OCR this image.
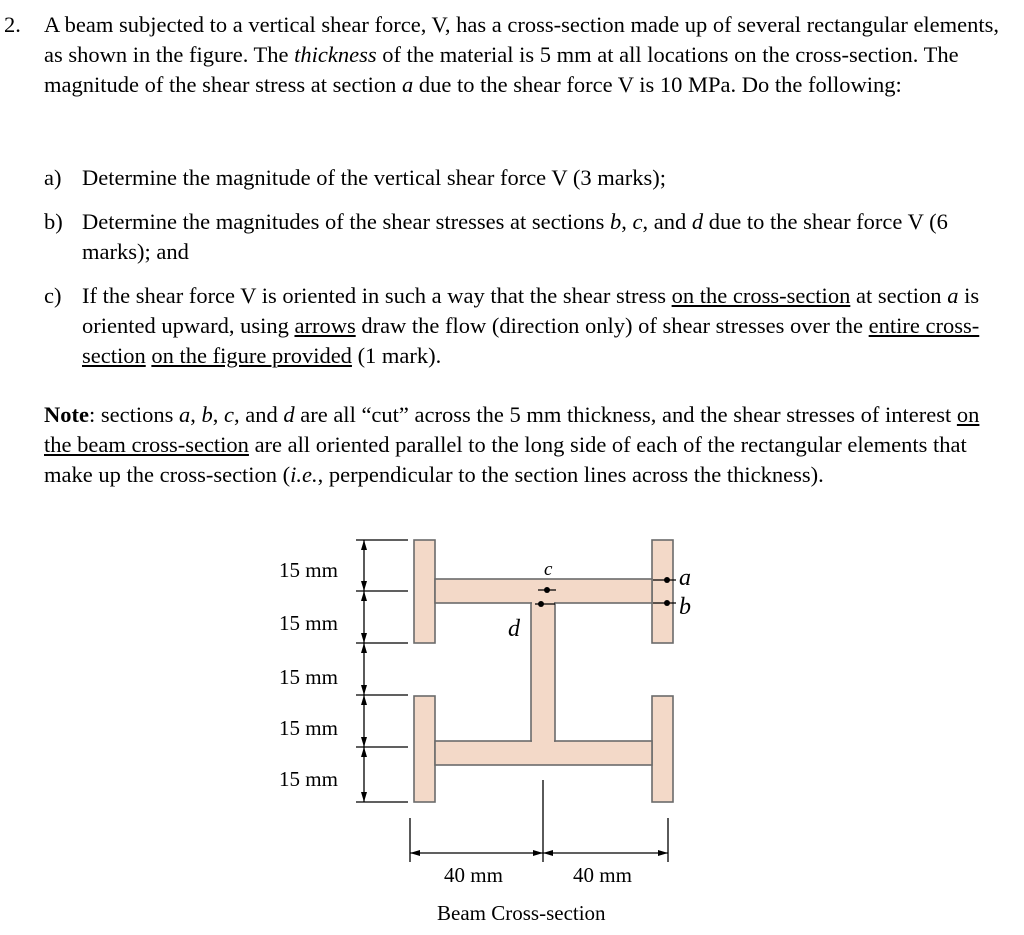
2. A beam subjected to a vertical shear force, V, has a cross-section made up of several rectangular elements, as shown in the figure. The thickness of the material is 5 mm at all locations on the cross-section. The magnitude of the shear stress at section a due to the shear force V is 10 MPa. Do the following:
a) Determine the magnitude of the vertical shear force V (3 marks);
b) Determine the magnitudes of the shear stresses at sections b, c, and d due to the shear force V (6 marks); and
c) If the shear force V is oriented in such a way that the shear stress on the cross-section at section a is oriented upward, using arrows draw the flow (direction only) of shear stresses over the entire cross-section on the figure provided (1 mark).
Note: sections a, b, c, and d are all “cut” across the 5 mm thickness, and the shear stresses of interest on the beam cross-section are all oriented parallel to the long side of each of the rectangular elements that make up the cross-section (i.e., perpendicular to the section lines across the thickness).
15 mm
15 mm
15 mm
15 mm
15 mm
40 mm	40 mm
c
d
a
b
Beam Cross-section
